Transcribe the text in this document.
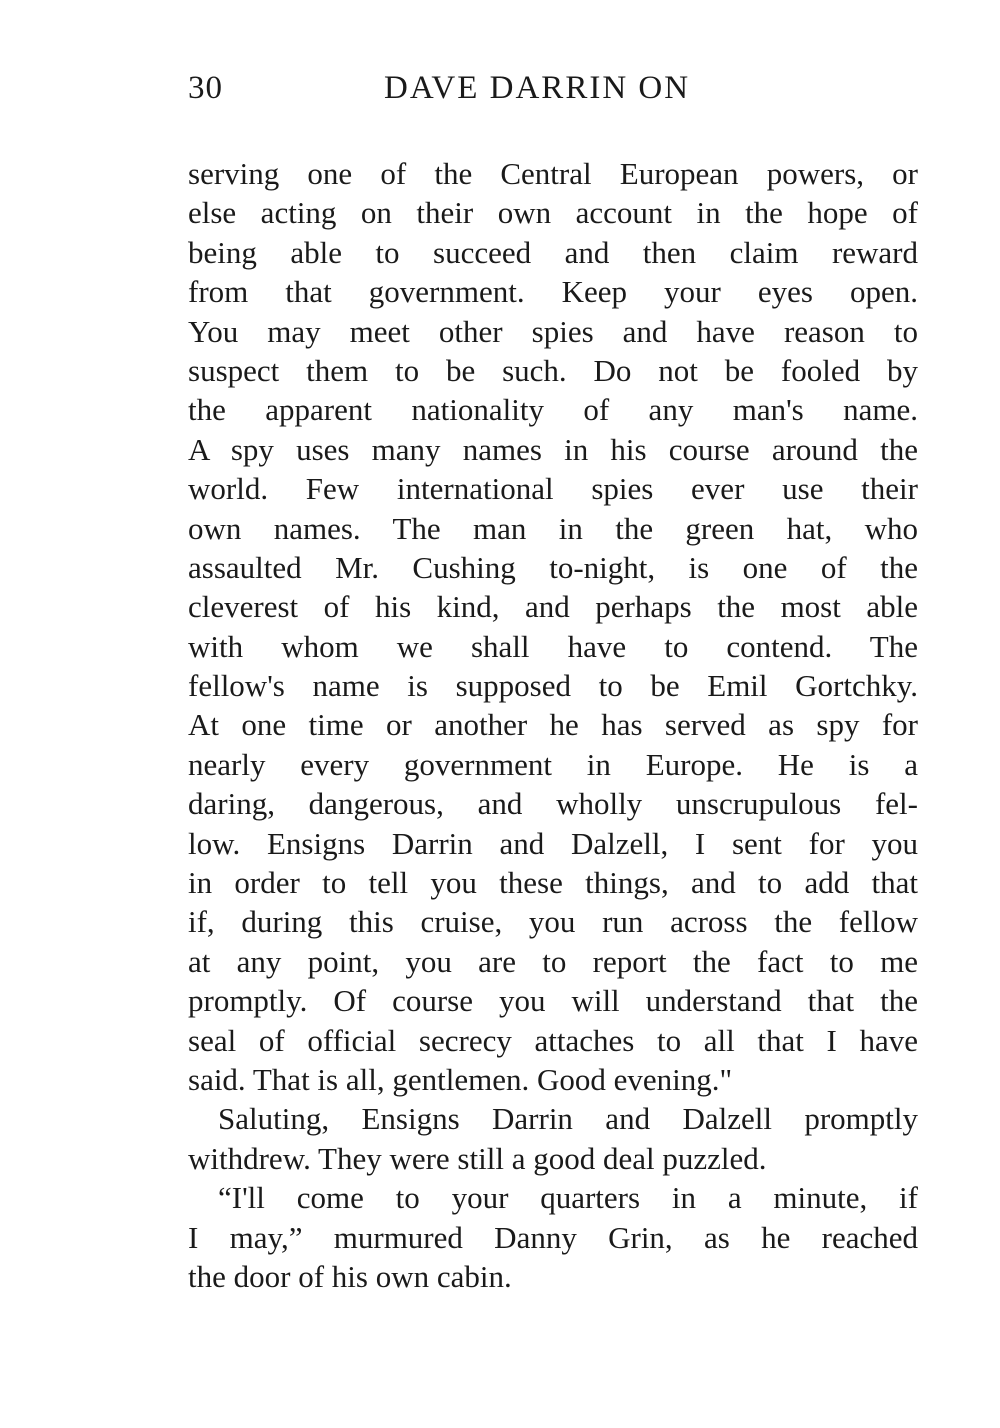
30	DAVE DARRIN ON
serving one of the Central European powers, or
else acting on their own account in the hope of
being able to succeed and then claim reward
from that government. Keep your eyes open.
You may meet other spies and have reason to
suspect them to be such. Do not be fooled by
the apparent nationality of any man's name.
A spy uses many names in his course around the
world. Few international spies ever use their
own names. The man in the green hat, who
assaulted Mr. Cushing to-night, is one of the
cleverest of his kind, and perhaps the most able
with whom we shall have to contend. The
fellow's name is supposed to be Emil Gortchky.
At one time or another he has served as spy for
nearly every government in Europe. He is a
daring, dangerous, and wholly unscrupulous fel-
low. Ensigns Darrin and Dalzell, I sent for you
in order to tell you these things, and to add that
if, during this cruise, you run across the fellow
at any point, you are to report the fact to me
promptly. Of course you will understand that the
seal of official secrecy attaches to all that I have
said. That is all, gentlemen. Good evening."
Saluting, Ensigns Darrin and Dalzell promptly
withdrew. They were still a good deal puzzled.
“I'll come to your quarters in a minute, if
I may,” murmured Danny Grin, as he reached
the door of his own cabin.
